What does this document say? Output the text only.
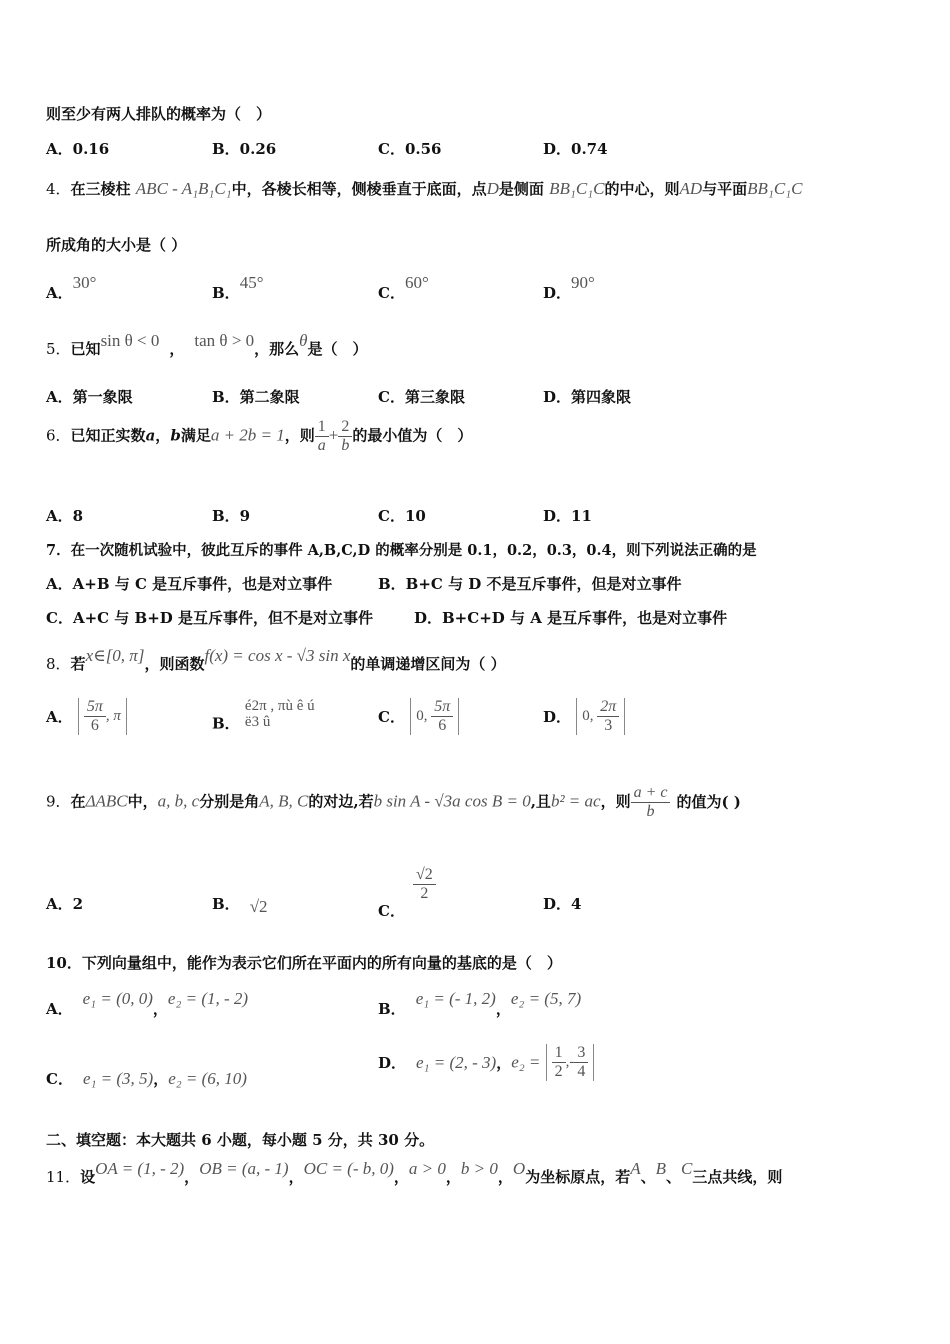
则至少有两人排队的概率为（　）
A．0.16	B．0.26	C．0.56	D．0.74
4．在三棱柱 ABC - A₁B₁C₁中，各棱长相等，侧棱垂直于底面，点D是侧面 BB₁C₁C的中心，则AD与平面BB₁C₁C
所成角的大小是（ ）
A．30°
B．45°
C．60°
D．90°
5．已知sin θ < 0 ， tan θ > 0，那么θ是（　）
A．第一象限	B．第二象限	C．第三象限	D．第四象限
6．已知正实数a，b满足a + 2b = 1，则 $\frac{1}{a} + \frac{2}{b}$ 的最小值为（　）
A．8	B．9	C．10	D．11
7．在一次随机试验中，彼此互斥的事件 A,B,C,D 的概率分别是 0.1，0.2，0.3，0.4，则下列说法正确的是
A．A+B 与 C 是互斥事件，也是对立事件	B．B+C 与 D 不是互斥事件，但是对立事件
C．A+C 与 B+D 是互斥事件，但不是对立事件	D．B+C+D 与 A 是互斥事件，也是对立事件
8．若x∈[0, π]，则函数f(x) = cos x - √3 sin x的单调递增区间为（ ）
A． $\frac{5\pi}{6}$ , π	B．
é2π , πù ê ú ë3 û	C． 0, $\frac{5\pi}{6}$	D． 0, $\frac{2\pi}{3}$
9．在ΔABC中，a, b, c分别是角A, B, C的对边,若b sin A - √3a cos B = 0,且b² = ac，则 $\frac{a + c}{b}$ 的值为( )
A．2	B． √2	C．
$\frac{√2}{2}$
D．4
10．下列向量组中，能作为表示它们所在平面内的所有向量的基底的是（　）
A．e₁ = (0, 0)，e₂ = (1, - 2)
B．e₁ = (- 1, 2)，e₂ = (5, 7)
C． e₁ = (3, 5)，e₂ = (6, 10)
D． e₁ = (2, - 3)，$e_2 = \frac{1}{2}$ ,- $\frac{3}{4}$
二、填空题：本大题共 6 小题，每小题 5 分，共 30 分。
11．设OA = (1, - 2)，OB = (a, - 1)，OC = (- b, 0)，a > 0，b > 0，O为坐标原点，若A、B、C三点共线，则
